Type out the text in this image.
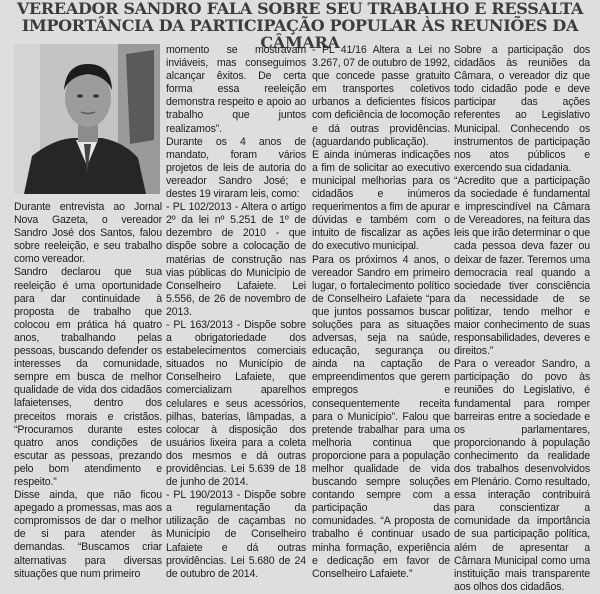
VEREADOR SANDRO FALA SOBRE SEU TRABALHO E RESSALTA
IMPORTÂNCIA DA PARTICIPAÇÃO POPULAR ÀS REUNIÕES DA CÂMARA

Durante entrevista ao Jornal Nova Gazeta, o vereador Sandro José dos Santos, falou sobre reeleição, e seu trabalho como vereador.

Sandro declarou que sua reeleição é uma oportunidade para dar continuidade à proposta de trabalho que colocou em prática há quatro anos, trabalhando pelas pessoas, buscando defender os interesses da comunidade, sempre em busca de melhor qualidade de vida dos cidadãos lafaietenses, dentro dos preceitos morais e cristãos. “Procuramos durante estes quatro anos condições de escutar as pessoas, prezando pelo bom atendimento e respeito.”

Disse ainda, que não ficou apegado a promessas, mas aos compromissos de dar o melhor de si para atender às demandas. “Buscamos criar alternativas para diversas situações que num primeiro

momento se mostravam inviáveis, mas conseguimos alcançar êxitos. De certa forma essa reeleição demonstra respeito e apoio ao trabalho que juntos realizamos”.

Durante os 4 anos de mandato, foram vários projetos de leis de autoria do vereador Sandro José; e destes 19 viraram leis, como:

- PL 102/2013 - Altera o artigo 2º da lei nº 5.251 de 1º de dezembro de 2010 - que dispõe sobre a colocação de matérias de construção nas vias públicas do Município de Conselheiro Lafaiete. Lei 5.556, de 26 de novembro de 2013.

- PL 163/2013 - Dispõe sobre a obrigatoriedade dos estabelecimentos comerciais situados no Município de Conselheiro Lafaiete, que comercializam aparelhos celulares e seus acessórios, pilhas, baterias, lâmpadas, a colocar à disposição dos usuários lixeira para a coleta dos mesmos e dá outras providências. Lei 5.639 de 18 de junho de 2014.

- PL 190/2013 - Dispõe sobre a regulamentação da utilização de caçambas no Município de Conselheiro Lafaiete e dá outras providências. Lei 5.680 de 24 de outubro de 2014.

- PL 41/16 Altera a Lei no 3.267, 07 de outubro de 1992, que concede passe gratuito em transportes coletivos urbanos a deficientes físicos com deficiência de locomoção e dá outras providências. (aguardando publicação).

E ainda inúmeras indicações a fim de solicitar ao executivo municipal melhorias para os cidadãos e inúmeros requerimentos a fim de apurar dúvidas e também com o intuito de fiscalizar as ações do executivo municipal.

Para os próximos 4 anos, o vereador Sandro em primeiro lugar, o fortalecimento político de Conselheiro Lafaiete “para que juntos possamos buscar soluções para as situações adversas, seja na saúde, educação, segurança ou ainda na captação de empreendimentos que gerem empregos e consequentemente receita para o Município”. Falou que pretende trabalhar para uma melhoria continua que proporcione para a população melhor qualidade de vida buscando sempre soluções contando sempre com a participação das comunidades. “A proposta de trabalho é continuar usado minha formação, experiência e dedicação em favor de Conselheiro Lafaiete.”

Sobre a participação dos cidadãos às reuniões da Câmara, o vereador diz que todo cidadão pode e deve participar das ações referentes ao Legislativo Municipal. Conhecendo os instrumentos de participação nos atos públicos e exercendo sua cidadania.

“Acredito que a participação da sociedade é fundamental e imprescindível na Câmara de Vereadores, na feitura das leis que irão determinar o que cada pessoa deva fazer ou deixar de fazer. Teremos uma democracia real quando a sociedade tiver consciência da necessidade de se politizar, tendo melhor e maior conhecimento de suas responsabilidades, deveres e direitos.”

Para o vereador Sandro, a participação do povo às reuniões do Legislativo, é fundamental para romper barreiras entre a sociedade e os parlamentares, proporcionando à população conhecimento da realidade dos trabalhos desenvolvidos em Plenário. Como resultado, essa interação contribuirá para conscientizar a comunidade da importância de sua participação política, além de apresentar a Câmara Municipal como uma instituição mais transparente aos olhos dos cidadãos.
